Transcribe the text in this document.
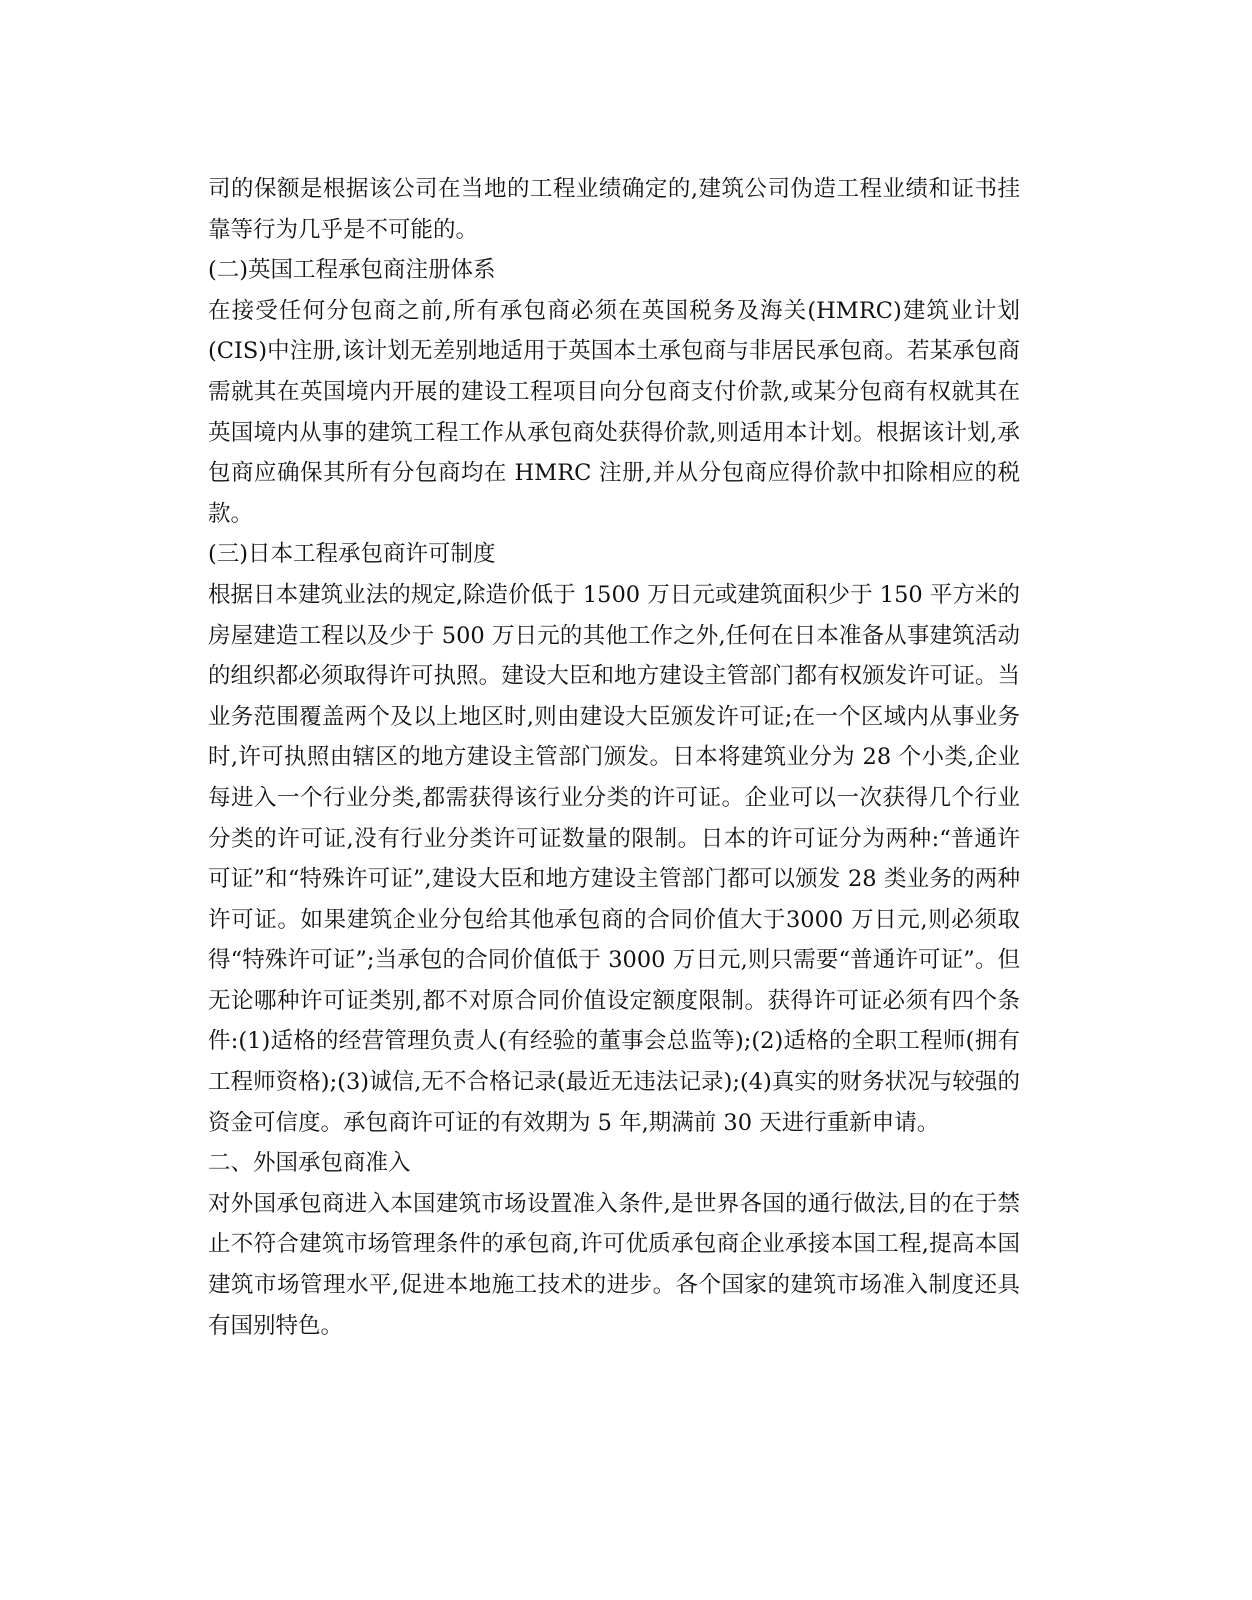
司的保额是根据该公司在当地的工程业绩确定的,建筑公司伪造工程业绩和证书挂靠等行为几乎是不可能的。

(二)英国工程承包商注册体系

在接受任何分包商之前,所有承包商必须在英国税务及海关(HMRC)建筑业计划(CIS)中注册,该计划无差别地适用于英国本土承包商与非居民承包商。若某承包商需就其在英国境内开展的建设工程项目向分包商支付价款,或某分包商有权就其在英国境内从事的建筑工程工作从承包商处获得价款,则适用本计划。根据该计划,承包商应确保其所有分包商均在 HMRC 注册,并从分包商应得价款中扣除相应的税款。

(三)日本工程承包商许可制度

根据日本建筑业法的规定,除造价低于 1500 万日元或建筑面积少于 150 平方米的房屋建造工程以及少于 500 万日元的其他工作之外,任何在日本准备从事建筑活动的组织都必须取得许可执照。建设大臣和地方建设主管部门都有权颁发许可证。当业务范围覆盖两个及以上地区时,则由建设大臣颁发许可证;在一个区域内从事业务时,许可执照由辖区的地方建设主管部门颁发。日本将建筑业分为 28 个小类,企业每进入一个行业分类,都需获得该行业分类的许可证。企业可以一次获得几个行业分类的许可证,没有行业分类许可证数量的限制。日本的许可证分为两种:“普通许可证”和“特殊许可证”,建设大臣和地方建设主管部门都可以颁发 28 类业务的两种许可证。如果建筑企业分包给其他承包商的合同价值大于3000 万日元,则必须取得“特殊许可证”;当承包的合同价值低于 3000 万日元,则只需要“普通许可证”。但无论哪种许可证类别,都不对原合同价值设定额度限制。获得许可证必须有四个条件:(1)适格的经营管理负责人(有经验的董事会总监等);(2)适格的全职工程师(拥有工程师资格);(3)诚信,无不合格记录(最近无违法记录);(4)真实的财务状况与较强的资金可信度。承包商许可证的有效期为 5 年,期满前 30 天进行重新申请。

二、外国承包商准入

对外国承包商进入本国建筑市场设置准入条件,是世界各国的通行做法,目的在于禁止不符合建筑市场管理条件的承包商,许可优质承包商企业承接本国工程,提高本国建筑市场管理水平,促进本地施工技术的进步。各个国家的建筑市场准入制度还具有国别特色。
